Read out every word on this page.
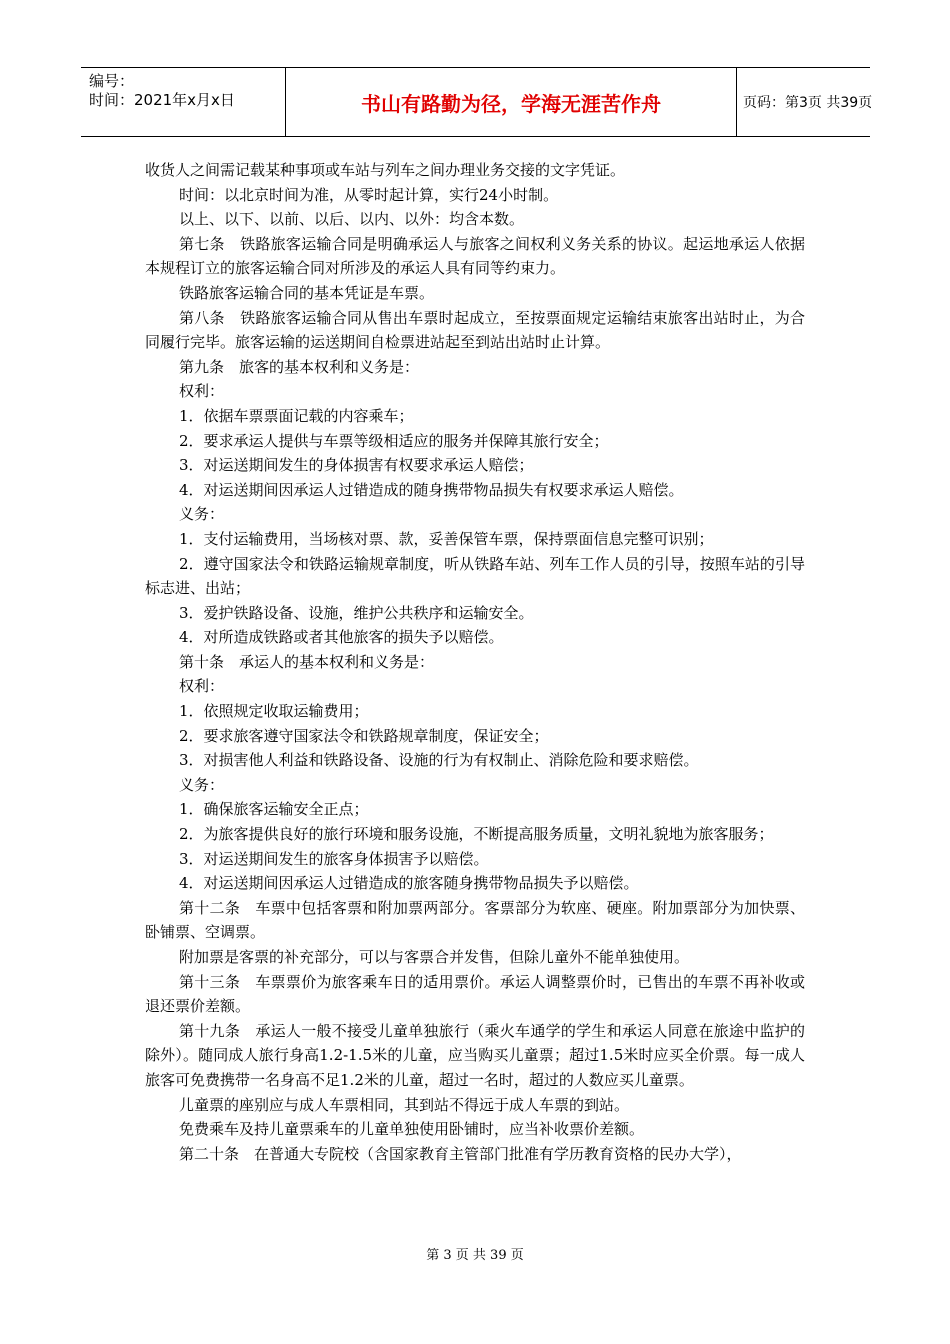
编号：
时间：2021年x月x日	书山有路勤为径，学海无涯苦作舟	页码：第3页 共39页

收货人之间需记载某种事项或车站与列车之间办理业务交接的文字凭证。

时间：以北京时间为准，从零时起计算，实行24小时制。

以上、以下、以前、以后、以内、以外：均含本数。

第七条　铁路旅客运输合同是明确承运人与旅客之间权利义务关系的协议。起运地承运人依据本规程订立的旅客运输合同对所涉及的承运人具有同等约束力。

铁路旅客运输合同的基本凭证是车票。

第八条　铁路旅客运输合同从售出车票时起成立，至按票面规定运输结束旅客出站时止，为合同履行完毕。旅客运输的运送期间自检票进站起至到站出站时止计算。

第九条　旅客的基本权利和义务是：

权利：

1．依据车票票面记载的内容乘车；

2．要求承运人提供与车票等级相适应的服务并保障其旅行安全；

3．对运送期间发生的身体损害有权要求承运人赔偿；

4．对运送期间因承运人过错造成的随身携带物品损失有权要求承运人赔偿。

义务：

1．支付运输费用，当场核对票、款，妥善保管车票，保持票面信息完整可识别；

2．遵守国家法令和铁路运输规章制度，听从铁路车站、列车工作人员的引导，按照车站的引导标志进、出站；

3．爱护铁路设备、设施，维护公共秩序和运输安全。

4．对所造成铁路或者其他旅客的损失予以赔偿。

第十条　承运人的基本权利和义务是：

权利：

1．依照规定收取运输费用；

2．要求旅客遵守国家法令和铁路规章制度，保证安全；

3．对损害他人利益和铁路设备、设施的行为有权制止、消除危险和要求赔偿。

义务：

1．确保旅客运输安全正点；

2．为旅客提供良好的旅行环境和服务设施，不断提高服务质量，文明礼貌地为旅客服务；

3．对运送期间发生的旅客身体损害予以赔偿。

4．对运送期间因承运人过错造成的旅客随身携带物品损失予以赔偿。

第十二条　车票中包括客票和附加票两部分。客票部分为软座、硬座。附加票部分为加快票、卧铺票、空调票。

附加票是客票的补充部分，可以与客票合并发售，但除儿童外不能单独使用。

第十三条　车票票价为旅客乘车日的适用票价。承运人调整票价时，已售出的车票不再补收或退还票价差额。

第十九条　承运人一般不接受儿童单独旅行（乘火车通学的学生和承运人同意在旅途中监护的除外）。随同成人旅行身高1.2-1.5米的儿童，应当购买儿童票；超过1.5米时应买全价票。每一成人旅客可免费携带一名身高不足1.2米的儿童，超过一名时，超过的人数应买儿童票。

儿童票的座别应与成人车票相同，其到站不得远于成人车票的到站。

免费乘车及持儿童票乘车的儿童单独使用卧铺时，应当补收票价差额。

第二十条　在普通大专院校（含国家教育主管部门批准有学历教育资格的民办大学），

第 3 页 共 39 页
